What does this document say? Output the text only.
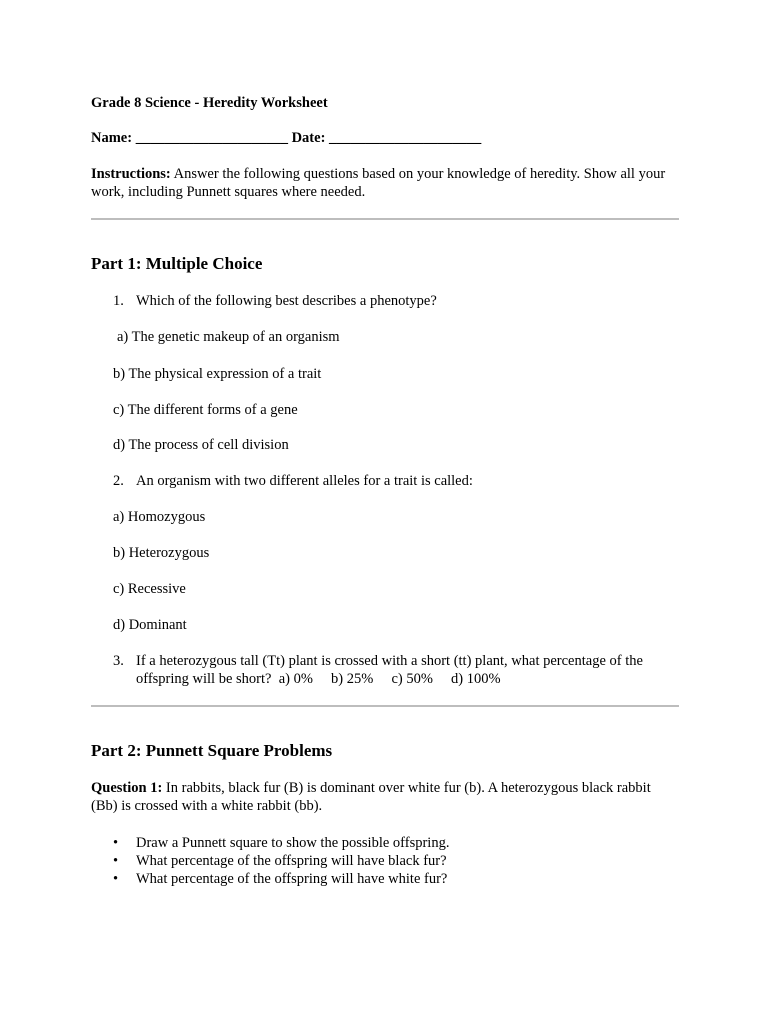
Grade 8 Science - Heredity Worksheet
Name: _____________________ Date: _____________________
Instructions: Answer the following questions based on your knowledge of heredity. Show all your work, including Punnett squares where needed.
Part 1: Multiple Choice
1. Which of the following best describes a phenotype?
a) The genetic makeup of an organism
b) The physical expression of a trait
c) The different forms of a gene
d) The process of cell division
2. An organism with two different alleles for a trait is called:
a) Homozygous
b) Heterozygous
c) Recessive
d) Dominant
3. If a heterozygous tall (Tt) plant is crossed with a short (tt) plant, what percentage of the offspring will be short?  a) 0%     b) 25%     c) 50%     d) 100%
Part 2: Punnett Square Problems
Question 1: In rabbits, black fur (B) is dominant over white fur (b). A heterozygous black rabbit (Bb) is crossed with a white rabbit (bb).
• Draw a Punnett square to show the possible offspring.
• What percentage of the offspring will have black fur?
• What percentage of the offspring will have white fur?
